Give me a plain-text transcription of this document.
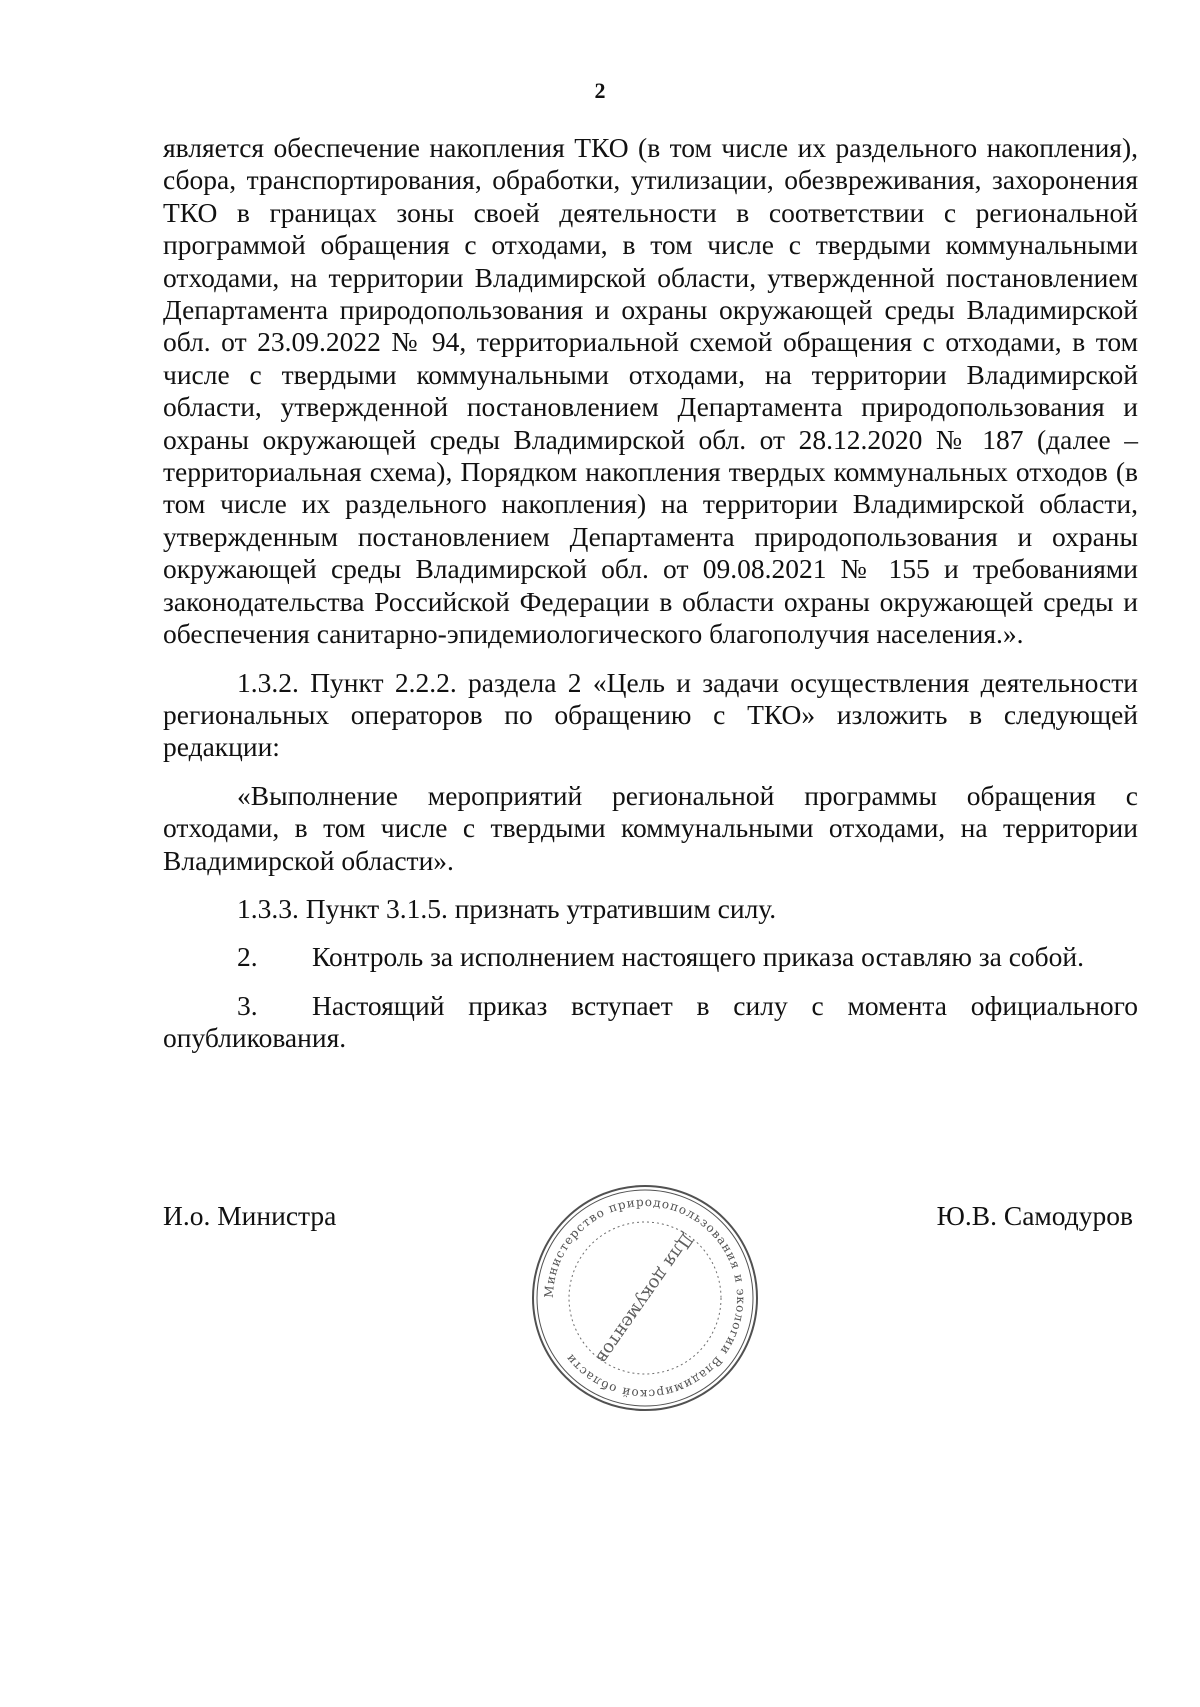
2

является обеспечение накопления ТКО (в том числе их раздельного накопления), сбора, транспортирования, обработки, утилизации, обезвреживания, захоронения ТКО в границах зоны своей деятельности в соответствии с региональной программой обращения с отходами, в том числе с твердыми коммунальными отходами, на территории Владимирской области, утвержденной постановлением Департамента природопользования и охраны окружающей среды Владимирской обл. от 23.09.2022 № 94, территориальной схемой обращения с отходами, в том числе с твердыми коммунальными отходами, на территории Владимирской области, утвержденной постановлением Департамента природопользования и охраны окружающей среды Владимирской обл. от 28.12.2020 № 187 (далее – территориальная схема), Порядком накопления твердых коммунальных отходов (в том числе их раздельного накопления) на территории Владимирской области, утвержденным постановлением Департамента природопользования и охраны окружающей среды Владимирской обл. от 09.08.2021 № 155 и требованиями законодательства Российской Федерации в области охраны окружающей среды и обеспечения санитарно-эпидемиологического благополучия населения.».

1.3.2. Пункт 2.2.2. раздела 2 «Цель и задачи осуществления деятельности региональных операторов по обращению с ТКО» изложить в следующей редакции:

«Выполнение мероприятий региональной программы обращения с отходами, в том числе с твердыми коммунальными отходами, на территории Владимирской области».

1.3.3. Пункт 3.1.5. признать утратившим силу.

2. Контроль за исполнением настоящего приказа оставляю за собой.

3. Настоящий приказ вступает в силу с момента официального опубликования.

И.о. Министра	Ю.В. Самодуров
Министерство природопользования и экологии Владимирской области Для документов
